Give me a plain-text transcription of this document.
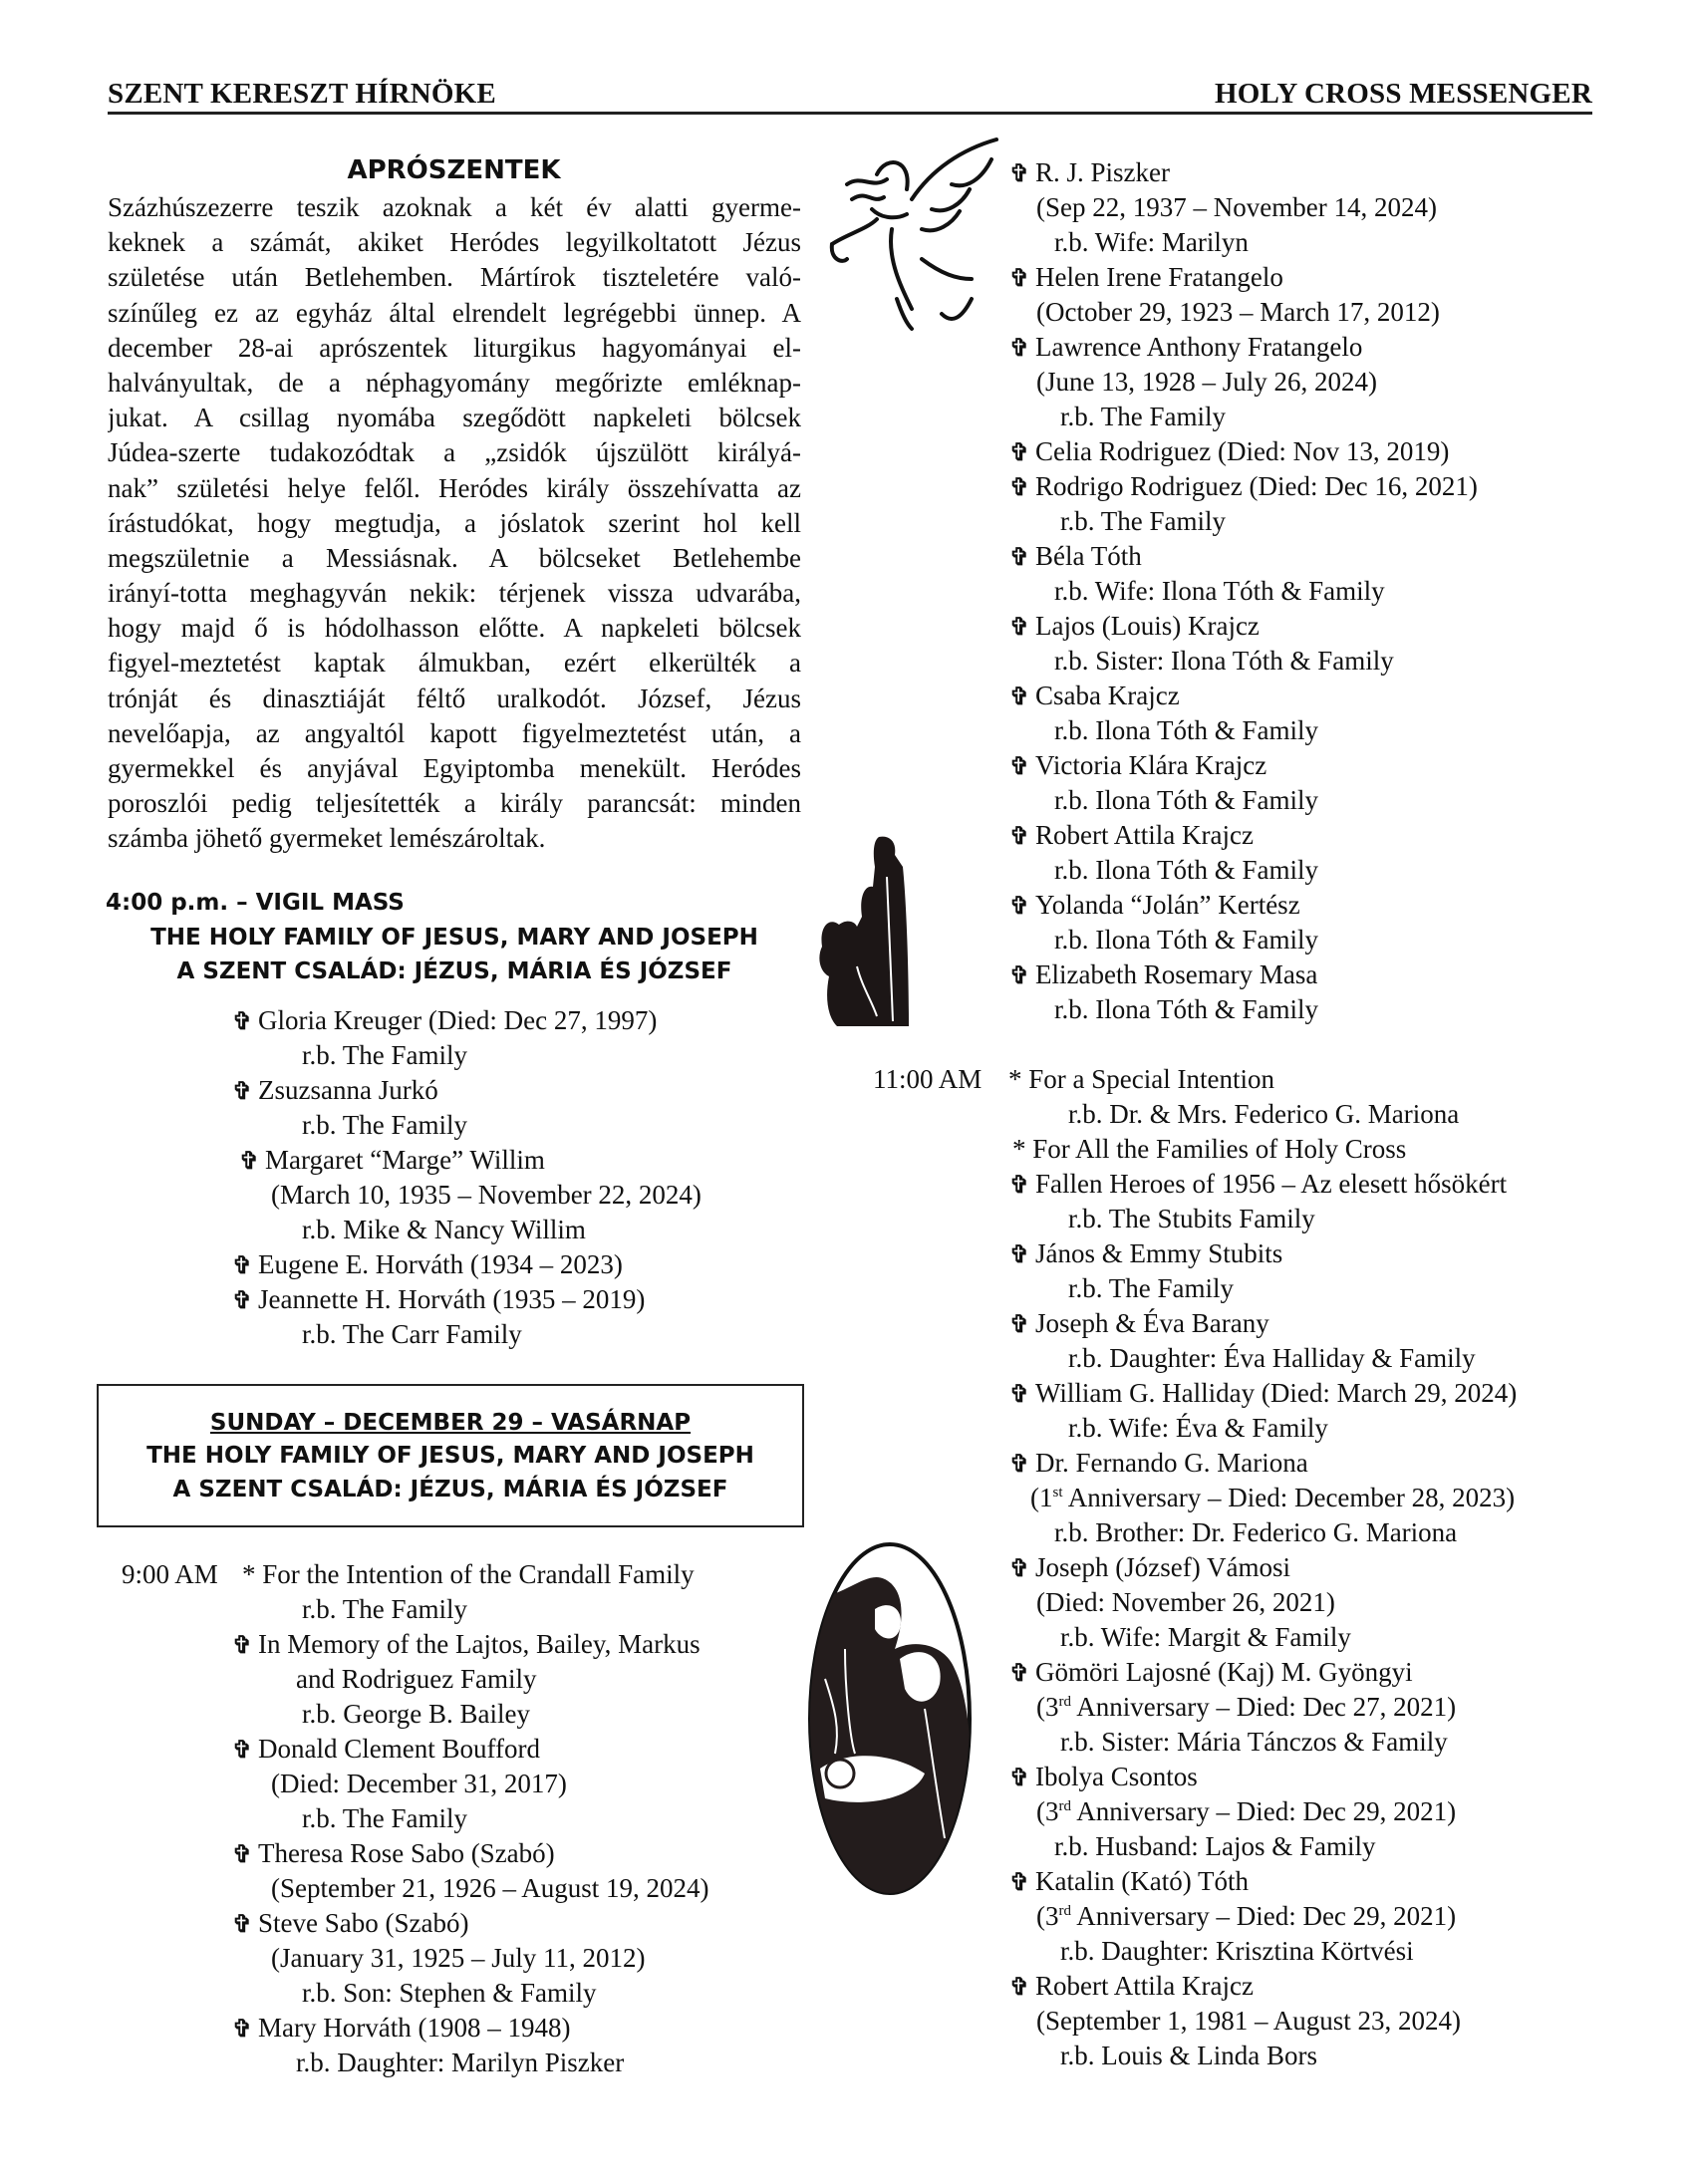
SZENT KERESZT HÍRNÖKE	HOLY CROSS MESSENGER
APRÓSZENTEK
Százhúszezerre teszik azoknak a két év alatti gyerme-
keknek a számát, akiket Heródes legyilkoltatott Jézus
születése után Betlehemben. Mártírok tiszteletére való-
színűleg ez az egyház által elrendelt legrégebbi ünnep. A
december 28-ai aprószentek liturgikus hagyományai el-
halványultak, de a néphagyomány megőrizte emléknap-
jukat. A csillag nyomába szegődött napkeleti bölcsek
Júdea-szerte tudakozódtak a „zsidók újszülött királyá-
nak” születési helye felől. Heródes király összehívatta az
írástudókat, hogy megtudja, a jóslatok szerint hol kell
megszületnie a Messiásnak. A bölcseket Betlehembe
irányí-totta meghagyván nekik: térjenek vissza udvarába,
hogy majd ő is hódolhasson előtte. A napkeleti bölcsek
figyel-meztetést kaptak álmukban, ezért elkerülték a
trónját és dinasztiáját féltő uralkodót. József, Jézus
nevelőapja, az angyaltól kapott figyelmeztetést után, a
gyermekkel és anyjával Egyiptomba menekült. Heródes
poroszlói pedig teljesítették a király parancsát: minden
számba jöhető gyermeket lemészároltak.
4:00 p.m. – VIGIL MASS
THE HOLY FAMILY OF JESUS, MARY AND JOSEPH
A SZENT CSALÁD: JÉZUS, MÁRIA ÉS JÓZSEF
✞ Gloria Kreuger (Died: Dec 27, 1997)
r.b. The Family
✞ Zsuzsanna Jurkó
r.b. The Family
✞ Margaret “Marge” Willim
(March 10, 1935 – November 22, 2024)
r.b. Mike & Nancy Willim
✞ Eugene E. Horváth (1934 – 2023)
✞ Jeannette H. Horváth (1935 – 2019)
r.b. The Carr Family
SUNDAY – DECEMBER 29 – VASÁRNAP
THE HOLY FAMILY OF JESUS, MARY AND JOSEPH
A SZENT CSALÁD: JÉZUS, MÁRIA ÉS JÓZSEF
9:00 AM * For the Intention of the Crandall Family
r.b. The Family
✞ In Memory of the Lajtos, Bailey, Markus
and Rodriguez Family
r.b. George B. Bailey
✞ Donald Clement Boufford
(Died: December 31, 2017)
r.b. The Family
✞ Theresa Rose Sabo (Szabó)
(September 21, 1926 – August 19, 2024)
✞ Steve Sabo (Szabó)
(January 31, 1925 – July 11, 2012)
r.b. Son: Stephen & Family
✞ Mary Horváth (1908 – 1948)
r.b. Daughter: Marilyn Piszker
✞ R. J. Piszker
(Sep 22, 1937 – November 14, 2024)
r.b. Wife: Marilyn
✞ Helen Irene Fratangelo
(October 29, 1923 – March 17, 2012)
✞ Lawrence Anthony Fratangelo
(June 13, 1928 – July 26, 2024)
r.b. The Family
✞ Celia Rodriguez (Died: Nov 13, 2019)
✞ Rodrigo Rodriguez (Died: Dec 16, 2021)
r.b. The Family
✞ Béla Tóth
r.b. Wife: Ilona Tóth & Family
✞ Lajos (Louis) Krajcz
r.b. Sister: Ilona Tóth & Family
✞ Csaba Krajcz
r.b. Ilona Tóth & Family
✞ Victoria Klára Krajcz
r.b. Ilona Tóth & Family
✞ Robert Attila Krajcz
r.b. Ilona Tóth & Family
✞ Yolanda “Jolán” Kertész
r.b. Ilona Tóth & Family
✞ Elizabeth Rosemary Masa
r.b. Ilona Tóth & Family
11:00 AM * For a Special Intention
r.b. Dr. & Mrs. Federico G. Mariona
* For All the Families of Holy Cross
✞ Fallen Heroes of 1956 – Az elesett hősökért
r.b. The Stubits Family
✞ János & Emmy Stubits
r.b. The Family
✞ Joseph & Éva Barany
r.b. Daughter: Éva Halliday & Family
✞ William G. Halliday (Died: March 29, 2024)
r.b. Wife: Éva & Family
✞ Dr. Fernando G. Mariona
(1st Anniversary – Died: December 28, 2023)
r.b. Brother: Dr. Federico G. Mariona
✞ Joseph (József) Vámosi
(Died: November 26, 2021)
r.b. Wife: Margit & Family
✞ Gömöri Lajosné (Kaj) M. Gyöngyi
(3rd Anniversary – Died: Dec 27, 2021)
r.b. Sister: Mária Tánczos & Family
✞ Ibolya Csontos
(3rd Anniversary – Died: Dec 29, 2021)
r.b. Husband: Lajos & Family
✞ Katalin (Kató) Tóth
(3rd Anniversary – Died: Dec 29, 2021)
r.b. Daughter: Krisztina Körtvési
✞ Robert Attila Krajcz
(September 1, 1981 – August 23, 2024)
r.b. Louis & Linda Bors
